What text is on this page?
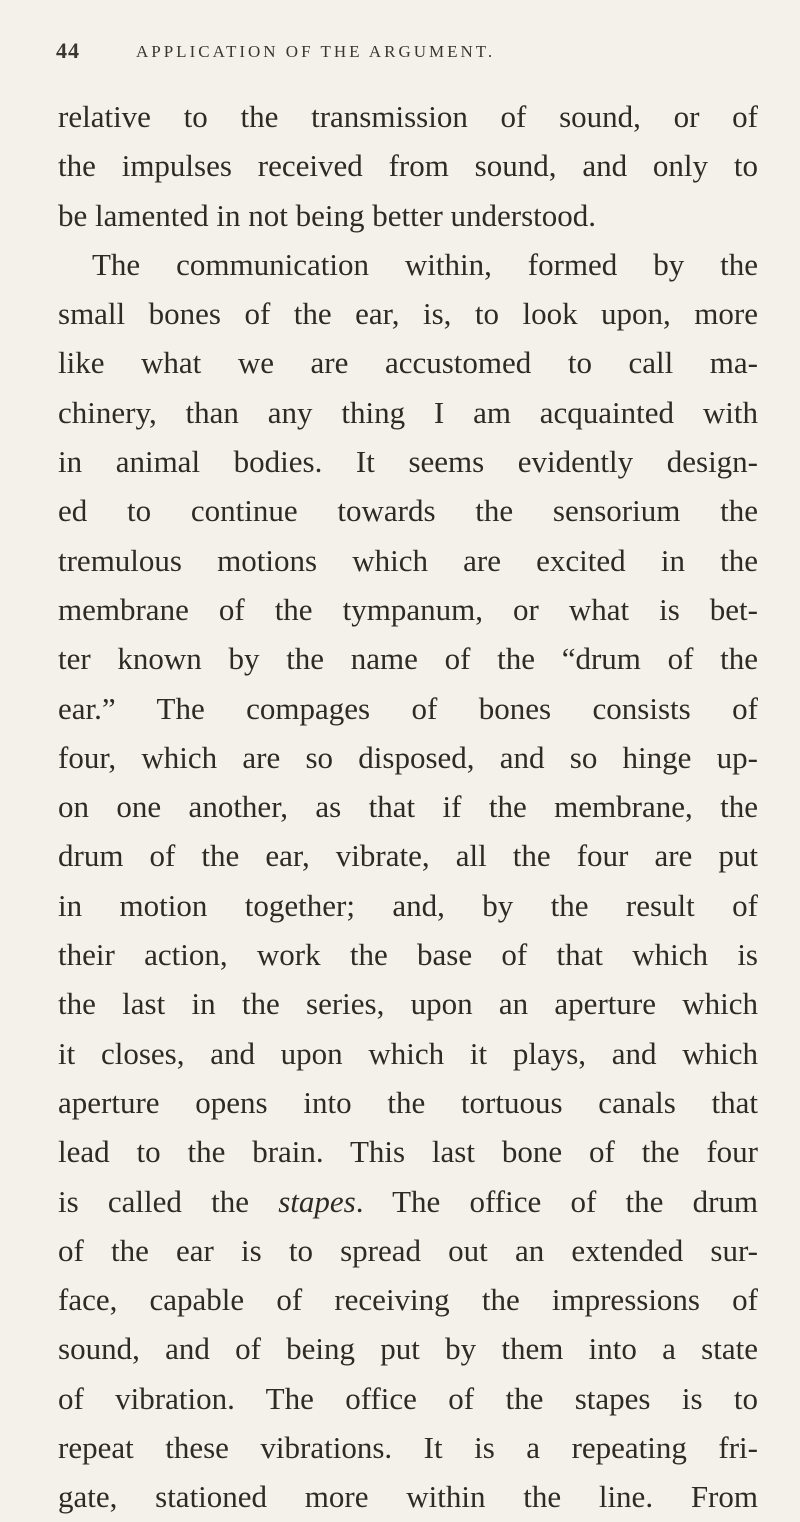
44	APPLICATION OF THE ARGUMENT.
relative to the transmission of sound, or of
the impulses received from sound, and only to
be lamented in not being better understood.
The communication within, formed by the
small bones of the ear, is, to look upon, more
like what we are accustomed to call ma-
chinery, than any thing I am acquainted with
in animal bodies. It seems evidently design-
ed to continue towards the sensorium the
tremulous motions which are excited in the
membrane of the tympanum, or what is bet-
ter known by the name of the “drum of the
ear.” The compages of bones consists of
four, which are so disposed, and so hinge up-
on one another, as that if the membrane, the
drum of the ear, vibrate, all the four are put
in motion together; and, by the result of
their action, work the base of that which is
the last in the series, upon an aperture which
it closes, and upon which it plays, and which
aperture opens into the tortuous canals that
lead to the brain. This last bone of the four
is called the stapes. The office of the drum
of the ear is to spread out an extended sur-
face, capable of receiving the impressions of
sound, and of being put by them into a state
of vibration. The office of the stapes is to
repeat these vibrations. It is a repeating fri-
gate, stationed more within the line. From
